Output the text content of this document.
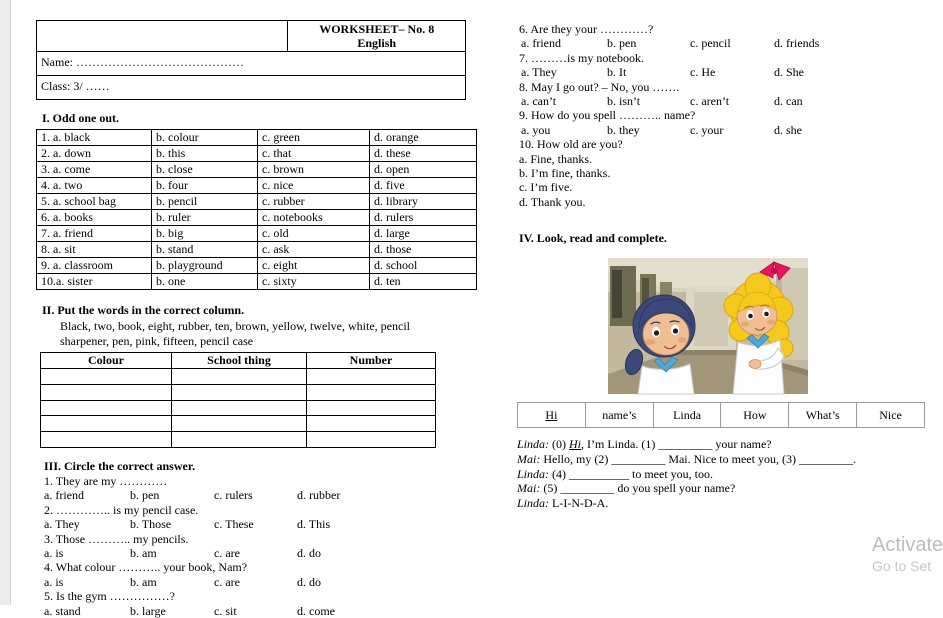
WORKSHEET– No. 8
English

Name: ……………………………………
Class: 3/ ……
I. Odd one out.
1. a. black	b. colour	c. green	d. orange
2. a. down	b. this	c. that	d. these
3. a. come	b. close	c. brown	d. open
4. a. two	b. four	c. nice	d. five
5. a. school bag	b. pencil	c. rubber	d. library
6. a. books	b. ruler	c. notebooks	d. rulers
7. a. friend	b. big	c. old	d. large
8. a. sit	b. stand	c. ask	d. those
9. a. classroom	b. playground	c. eight	d. school
10.a. sister	b. one	c. sixty	d. ten
II. Put the words in the correct column.
Black, two, book, eight, rubber, ten, brown, yellow, twelve, white, pencil sharpener, pen, pink, fifteen, pencil case
Colour	School thing	Number

III. Circle the correct answer.
1. They are my …………
a. friend	b. pen	c. rulers	d. rubber
2. ………….. is my pencil case.
a. They	b. Those	c. These	d. This
3. Those ……….. my pencils.
a. is	b. am	c. are	d. do
4. What colour ……….. your book, Nam?
a. is	b. am	c. are	d. do
5. Is the gym ……………?
a. stand	b. large	c. sit	d. come
6. Are they your …………?
a. friend	b. pen	c. pencil	d. friends
7. ………is my notebook.
a. They	b. It	c. He	d. She
8. May I go out? – No, you …….
a. can’t	b. isn’t	c. aren’t	d. can
9. How do you spell ……….. name?
a. you	b. they	c. your	d. she
10. How old are you?
a. Fine, thanks.
b. I’m fine, thanks.
c. I’m five.
d. Thank you.
IV. Look, read and complete.
Hi	name’s	Linda	How	What’s	Nice
Linda: (0) Hi, I’m Linda. (1) _________ your name?
Mai: Hello, my (2) _________ Mai. Nice to meet you, (3) _________.
Linda: (4) __________ to meet you, too.
Mai: (5) _________ do you spell your name?
Linda: L-I-N-D-A.
Activate
Go to Set
